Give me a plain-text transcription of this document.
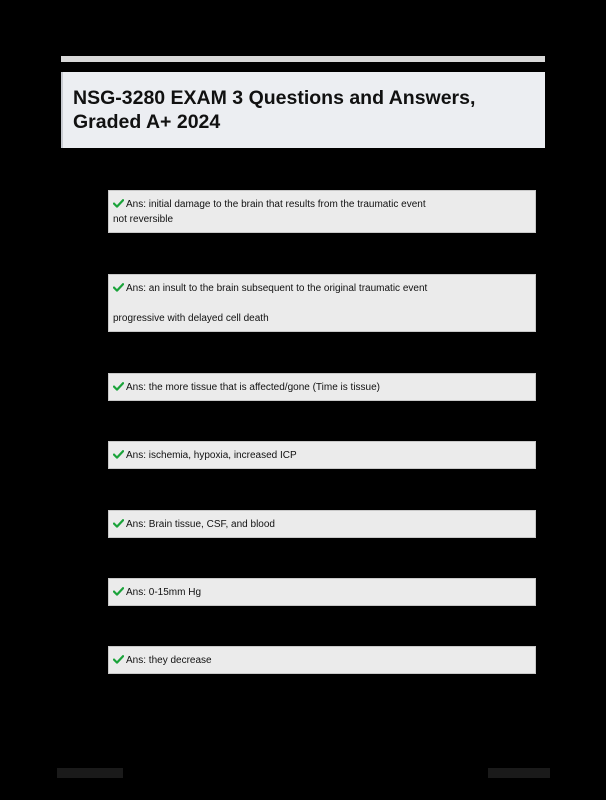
NSG-3280 EXAM 3 Questions and Answers,
Graded A+ 2024
Ans: initial damage to the brain that results from the traumatic event
not reversible
Ans: an insult to the brain subsequent to the original traumatic event
progressive with delayed cell death
Ans: the more tissue that is affected/gone (Time is tissue)
Ans: ischemia, hypoxia, increased ICP
Ans: Brain tissue, CSF, and blood
Ans: 0-15mm Hg
Ans: they decrease
